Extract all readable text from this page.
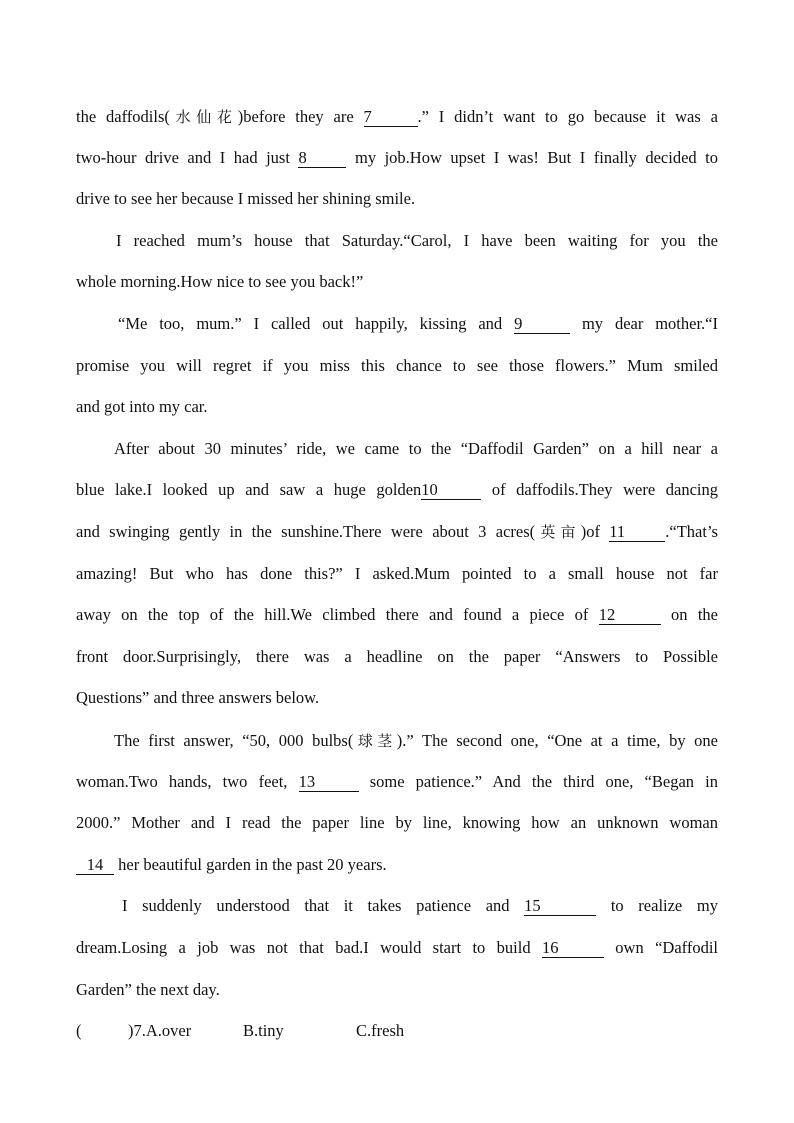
the daffodils(水仙花)before they are 7	.” I didn’t want to go because it was a
two-hour drive and I had just 8 my job.How upset I was! But I finally decided to
drive to see her because I missed her shining smile.
I reached mum’s house that Saturday.“Carol, I have been waiting for you the
whole morning.How nice to see you back!”
“Me too, mum.” I called out happily, kissing and 9	my dear mother.“I
promise you will regret if you miss this chance to see those flowers.” Mum smiled
and got into my car.
After about 30 minutes’ ride, we came to the “Daffodil Garden” on a hill near a
blue lake.I looked up and saw a huge golden10	of daffodils.They were dancing
and swinging gently in the sunshine.There were about 3 acres(英亩)of 11 .“That’s
amazing! But who has done this?” I asked.Mum pointed to a small house not far
away on the top of the hill.We climbed there and found a piece of 12	on the
front door.Surprisingly, there was a headline on the paper “Answers to Possible
Questions” and three answers below.
The first answer, “50, 000 bulbs(球茎).” The second one, “One at a time, by one
woman.Two hands, two feet, 13	some patience.” And the third one, “Began in
2000.” Mother and I read the paper line by line, knowing how an unknown woman
14 her beautiful garden in the past 20 years.
I suddenly understood that it takes patience and 15	to realize my
dream.Losing a job was not that bad.I would start to build 16	own “Daffodil
Garden” the next day.
(	)7.A.over	B.tiny	C.fresh
